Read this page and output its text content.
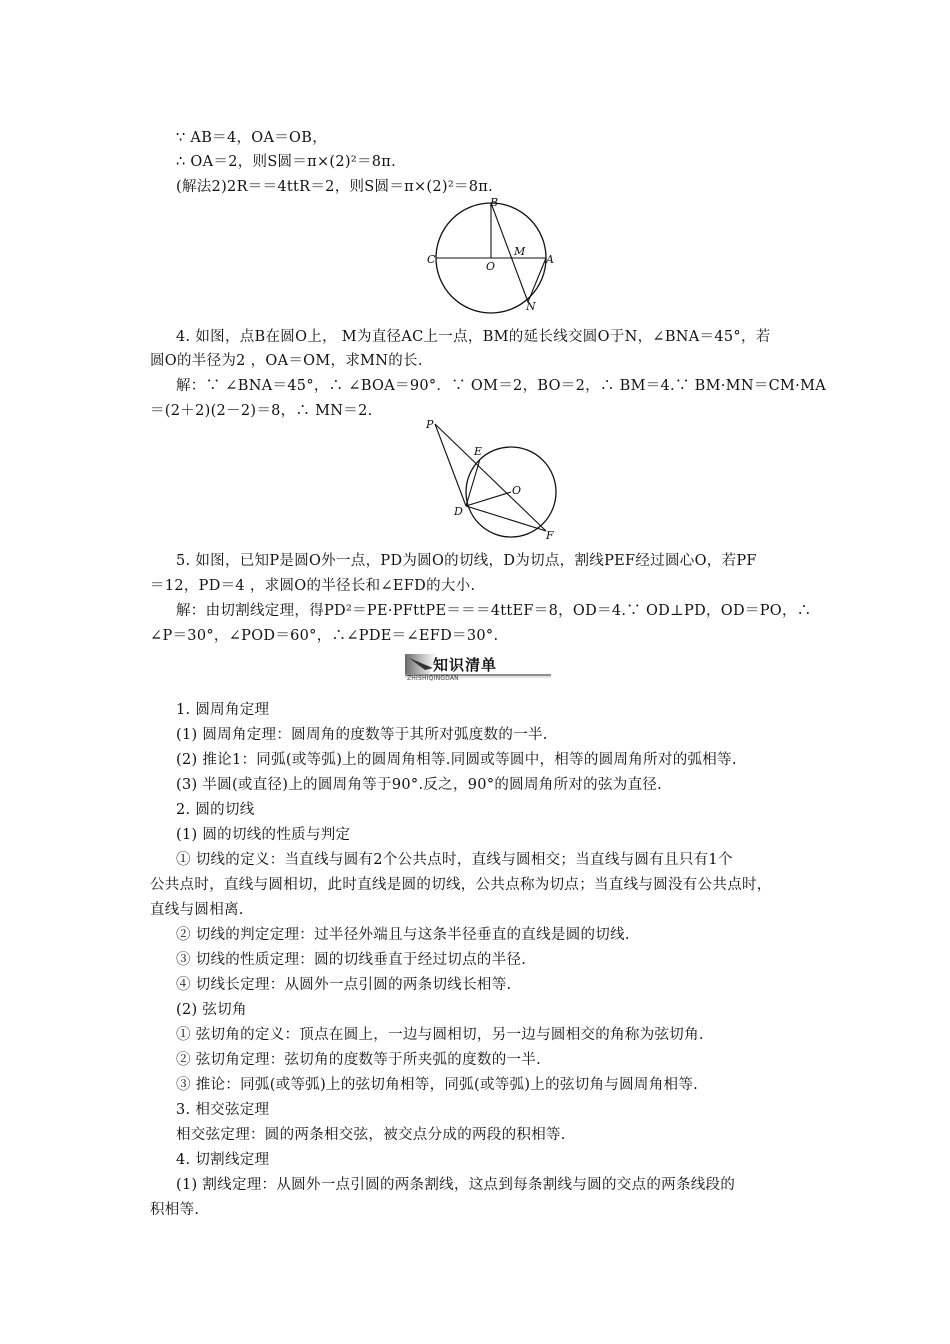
∵ AB＝4，OA＝OB，
∴ OA＝2，则S圆＝π×(2)²＝8π.
(解法2)2R＝＝4ttR＝2，则S圆＝π×(2)²＝8π.
B
M
C
O
A
N
4. 如图，点B在圆O上， M为直径AC上一点，BM的延长线交圆O于N，∠BNA＝45°，若
圆O的半径为2 ，OA＝OM，求MN的长.
解：∵ ∠BNA＝45°，∴ ∠BOA＝90°．∵ OM＝2，BO＝2，∴ BM＝4.∵ BM·MN＝CM·MA
＝(2＋2)(2－2)＝8，∴ MN＝2.
P
E
O
D
F
5. 如图，已知P是圆O外一点，PD为圆O的切线，D为切点，割线PEF经过圆心O，若PF
＝12，PD＝4 ，求圆O的半径长和∠EFD的大小.
解：由切割线定理，得PD²＝PE·PFttPE＝＝＝4ttEF＝8，OD＝4.∵ OD⊥PD，OD＝PO，∴
∠P＝30°，∠POD＝60°，∴∠PDE＝∠EFD＝30°.
知识清单
ZHISHIQINGDAN
1. 圆周角定理
(1) 圆周角定理：圆周角的度数等于其所对弧度数的一半.
(2) 推论1：同弧(或等弧)上的圆周角相等.同圆或等圆中，相等的圆周角所对的弧相等.
(3) 半圆(或直径)上的圆周角等于90°.反之，90°的圆周角所对的弦为直径.
2. 圆的切线
(1) 圆的切线的性质与判定
① 切线的定义：当直线与圆有2个公共点时，直线与圆相交；当直线与圆有且只有1个
公共点时，直线与圆相切，此时直线是圆的切线，公共点称为切点；当直线与圆没有公共点时，
直线与圆相离.
② 切线的判定定理：过半径外端且与这条半径垂直的直线是圆的切线.
③ 切线的性质定理：圆的切线垂直于经过切点的半径.
④ 切线长定理：从圆外一点引圆的两条切线长相等.
(2) 弦切角
① 弦切角的定义：顶点在圆上，一边与圆相切，另一边与圆相交的角称为弦切角.
② 弦切角定理：弦切角的度数等于所夹弧的度数的一半.
③ 推论：同弧(或等弧)上的弦切角相等，同弧(或等弧)上的弦切角与圆周角相等.
3. 相交弦定理
相交弦定理：圆的两条相交弦，被交点分成的两段的积相等.
4. 切割线定理
(1) 割线定理：从圆外一点引圆的两条割线，这点到每条割线与圆的交点的两条线段的
积相等.
